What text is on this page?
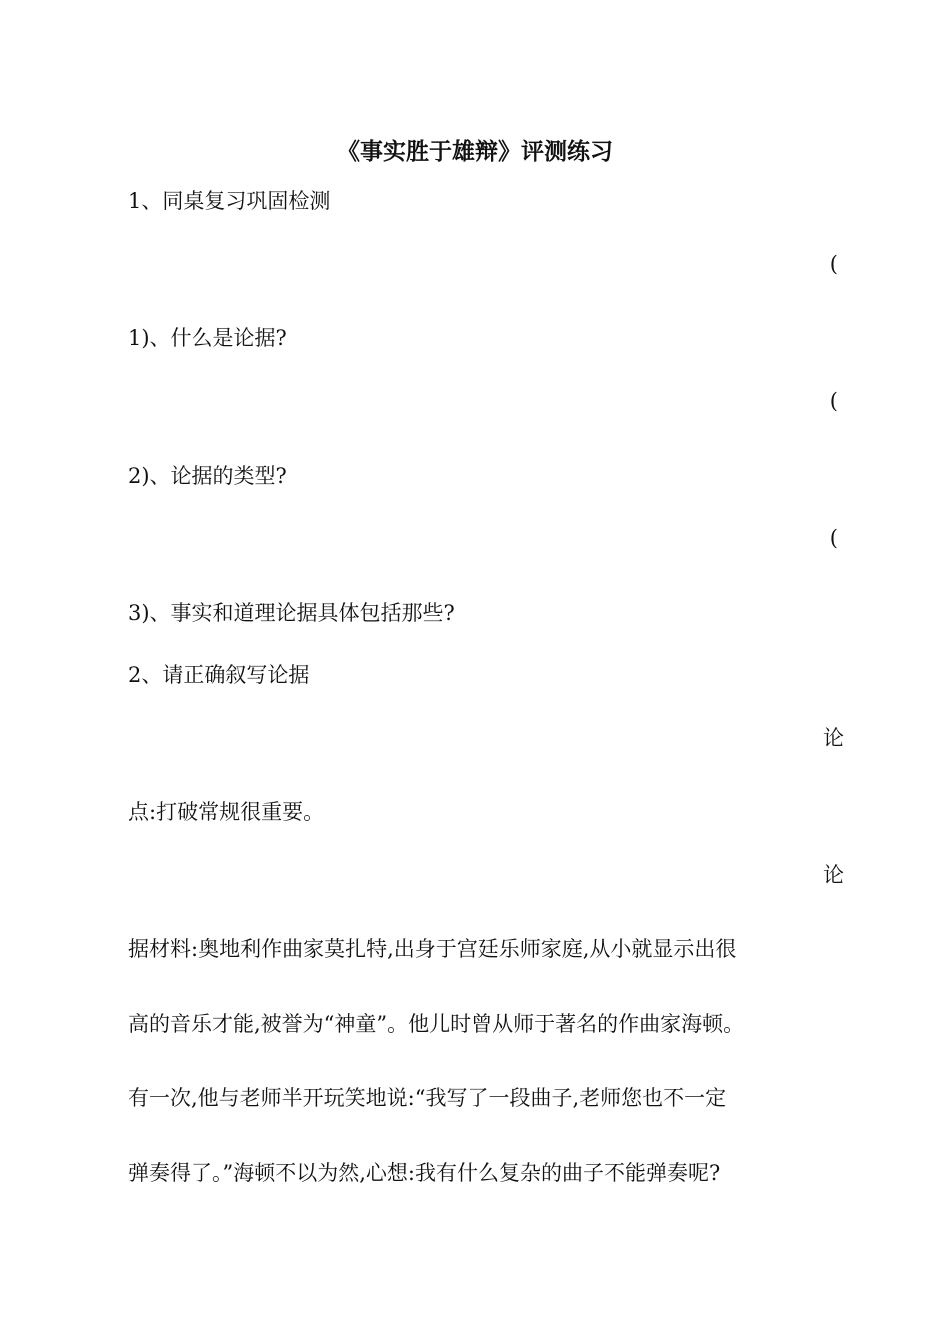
《事实胜于雄辩》评测练习
1、同桌复习巩固检测
(
1)、什么是论据?
(
2)、论据的类型?
(
3)、事实和道理论据具体包括那些?
2、请正确叙写论据
论
点:打破常规很重要。
论
据材料:奥地利作曲家莫扎特,出身于宫廷乐师家庭,从小就显示出很
高的音乐才能,被誉为“神童”。他儿时曾从师于著名的作曲家海顿。
有一次,他与老师半开玩笑地说:“我写了一段曲子,老师您也不一定
弹奏得了。”海顿不以为然,心想:我有什么复杂的曲子不能弹奏呢?
